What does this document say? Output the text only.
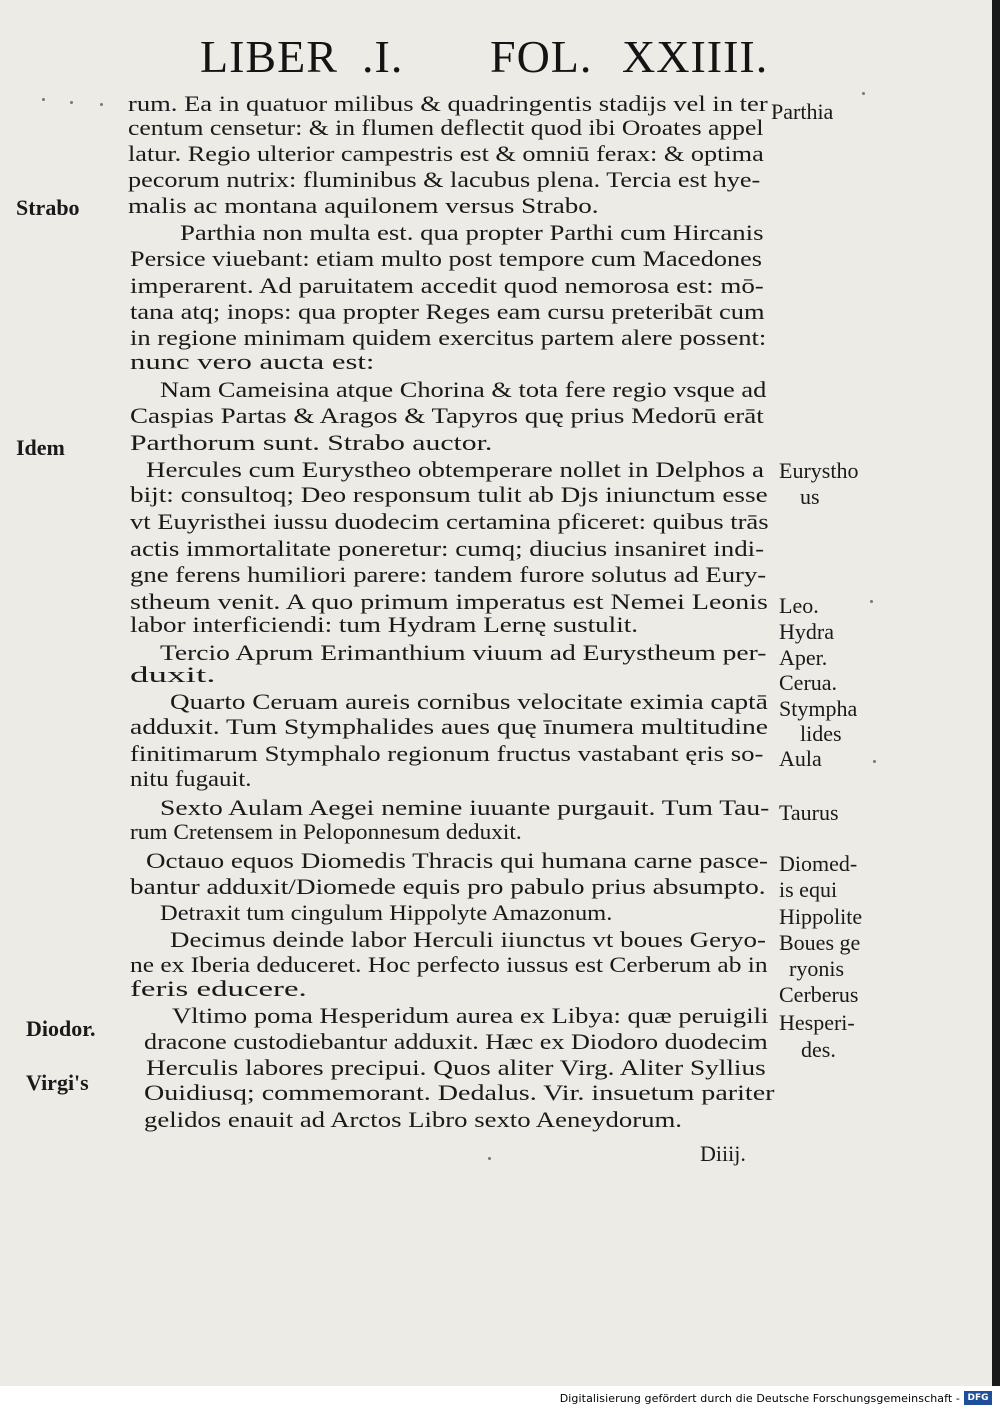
LIBER .I. FOL. XXIIII.
rum. Ea in quatuor milibus & quadringentis stadijs vel in ter
centum censetur: & in flumen deflectit quod ibi Oroates appel
latur. Regio ulterior campestris est & omniū ferax: & optima
pecorum nutrix: fluminibus & lacubus plena. Tercia est hye-
malis ac montana aquilonem versus Strabo.
Parthia non multa est. qua propter Parthi cum Hircanis
Persice viuebant: etiam multo post tempore cum Macedones
imperarent. Ad paruitatem accedit quod nemorosa est: mō-
tana atq; inops: qua propter Reges eam cursu preteribāt cum
in regione minimam quidem exercitus partem alere possent:
nunc vero aucta est:
Nam Cameisina atque Chorina & tota fere regio vsque ad
Caspias Partas & Aragos & Tapyros quę prius Medorū erāt
Parthorum sunt. Strabo auctor.
Hercules cum Eurystheo obtemperare nollet in Delphos a
bijt: consultoq; Deo responsum tulit ab Djs iniunctum esse
vt Euyristhei iussu duodecim certamina pficeret: quibus trās
actis immortalitate poneretur: cumq; diucius insaniret indi-
gne ferens humiliori parere: tandem furore solutus ad Eury-
stheum venit. A quo primum imperatus est Nemei Leonis
labor interficiendi: tum Hydram Lernę sustulit.
Tercio Aprum Erimanthium viuum ad Eurystheum per-
duxit.
Quarto Ceruam aureis cornibus velocitate eximia captā
adduxit. Tum Stymphalides aues quę īnumera multitudine
finitimarum Stymphalo regionum fructus vastabant ęris so-
nitu fugauit.
Sexto Aulam Aegei nemine iuuante purgauit. Tum Tau-
rum Cretensem in Peloponnesum deduxit.
Octauo equos Diomedis Thracis qui humana carne pasce-
bantur adduxit/Diomede equis pro pabulo prius absumpto.
Detraxit tum cingulum Hippolyte Amazonum.
Decimus deinde labor Herculi iiunctus vt boues Geryo-
ne ex Iberia deduceret. Hoc perfecto iussus est Cerberum ab in
feris educere.
Vltimo poma Hesperidum aurea ex Libya: quæ peruigili
dracone custodiebantur adduxit. Hæc ex Diodoro duodecim
Herculis labores precipui. Quos aliter Virg. Aliter Syllius
Ouidiusq; commemorant. Dedalus. Vir. insuetum pariter
gelidos enauit ad Arctos Libro sexto Aeneydorum.
Strabo
Idem
Diodor.
Virgi's
Parthia
Eurystho
us
Leo.
Hydra
Aper.
Cerua.
Stympha
lides
Aula
Taurus
Diomed-
is equi
Hippolite
Boues ge
ryonis
Cerberus
Hesperi-
des.
Diiij.
Digitalisierung gefördert durch die Deutsche Forschungsgemeinschaft - DFG
